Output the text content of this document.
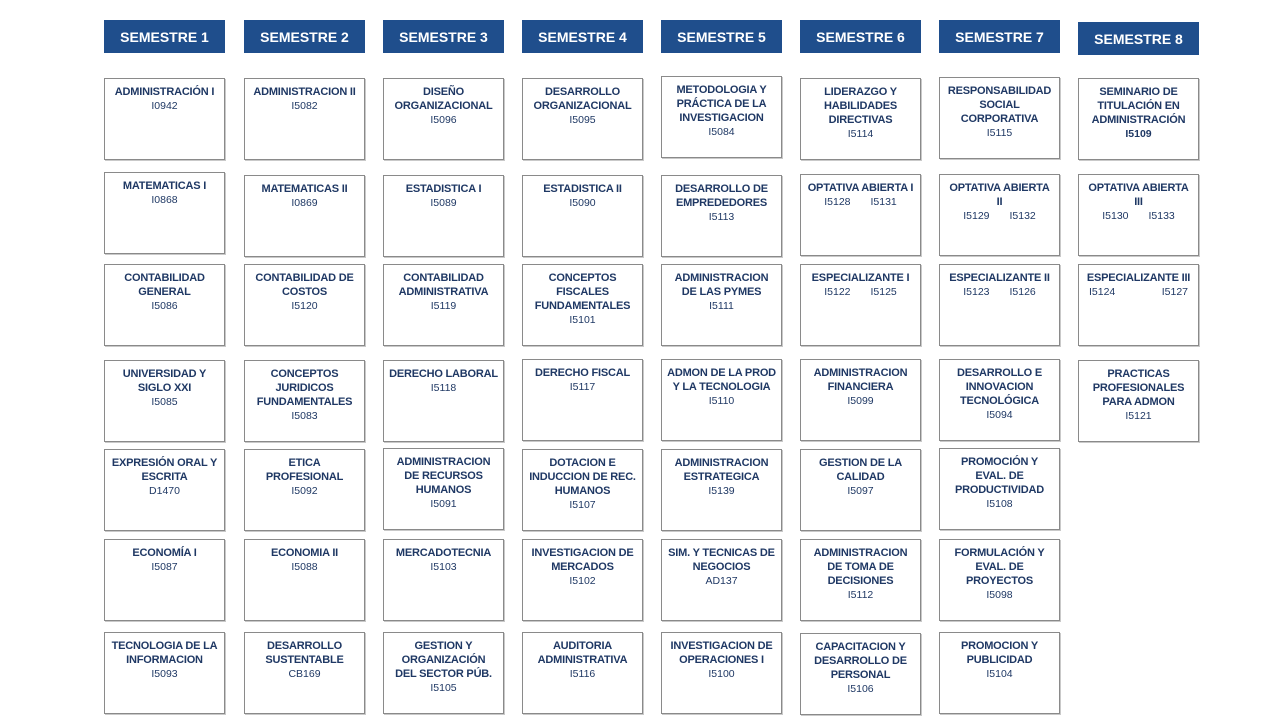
SEMESTRE 1
ADMINISTRACIÓN I
I0942
MATEMATICAS I
I0868
CONTABILIDAD
GENERAL
I5086
UNIVERSIDAD Y
SIGLO XXI
I5085
EXPRESIÓN ORAL Y
ESCRITA
D1470
ECONOMÍA I
I5087
TECNOLOGIA DE LA
INFORMACION
I5093
SEMESTRE 2
ADMINISTRACION II
I5082
MATEMATICAS II
I0869
CONTABILIDAD DE
COSTOS
I5120
CONCEPTOS
JURIDICOS
FUNDAMENTALES
I5083
ETICA
PROFESIONAL
I5092
ECONOMIA II
I5088
DESARROLLO
SUSTENTABLE
CB169
SEMESTRE 3
DISEÑO
ORGANIZACIONAL
I5096
ESTADISTICA I
I5089
CONTABILIDAD
ADMINISTRATIVA
I5119
DERECHO LABORAL
I5118
ADMINISTRACION
DE RECURSOS
HUMANOS
I5091
MERCADOTECNIA
I5103
GESTION Y
ORGANIZACIÓN
DEL SECTOR PÚB.
I5105
SEMESTRE 4
DESARROLLO
ORGANIZACIONAL
I5095
ESTADISTICA II
I5090
CONCEPTOS
FISCALES
FUNDAMENTALES
I5101
DERECHO FISCAL
I5117
DOTACION E
INDUCCION DE REC.
HUMANOS
I5107
INVESTIGACION DE
MERCADOS
I5102
AUDITORIA
ADMINISTRATIVA
I5116
SEMESTRE 5
METODOLOGIA Y
PRÁCTICA DE LA
INVESTIGACION
I5084
DESARROLLO DE
EMPREDEDORES
I5113
ADMINISTRACION
DE LAS PYMES
I5111
ADMON DE LA PROD
Y LA TECNOLOGIA
I5110
ADMINISTRACION
ESTRATEGICA
I5139
SIM. Y TECNICAS DE
NEGOCIOS
AD137
INVESTIGACION DE
OPERACIONES I
I5100
SEMESTRE 6
LIDERAZGO Y
HABILIDADES
DIRECTIVAS
I5114
OPTATIVA ABIERTA I
I5128 I5131
ESPECIALIZANTE I
I5122 I5125
ADMINISTRACION
FINANCIERA
I5099
GESTION DE LA
CALIDAD
I5097
ADMINISTRACION
DE TOMA DE
DECISIONES
I5112
CAPACITACION Y
DESARROLLO DE
PERSONAL
I5106
SEMESTRE 7
RESPONSABILIDAD
SOCIAL
CORPORATIVA
I5115
OPTATIVA ABIERTA
II
I5129 I5132
ESPECIALIZANTE II
I5123 I5126
DESARROLLO E
INNOVACION
TECNOLÓGICA
I5094
PROMOCIÓN Y
EVAL. DE
PRODUCTIVIDAD
I5108
FORMULACIÓN Y
EVAL. DE
PROYECTOS
I5098
PROMOCION Y
PUBLICIDAD
I5104
SEMESTRE 8
SEMINARIO DE
TITULACIÓN EN
ADMINISTRACIÓN
I5109
OPTATIVA ABIERTA
III
I5130 I5133
ESPECIALIZANTE III
I5124	I5127
PRACTICAS
PROFESIONALES
PARA ADMON
I5121
